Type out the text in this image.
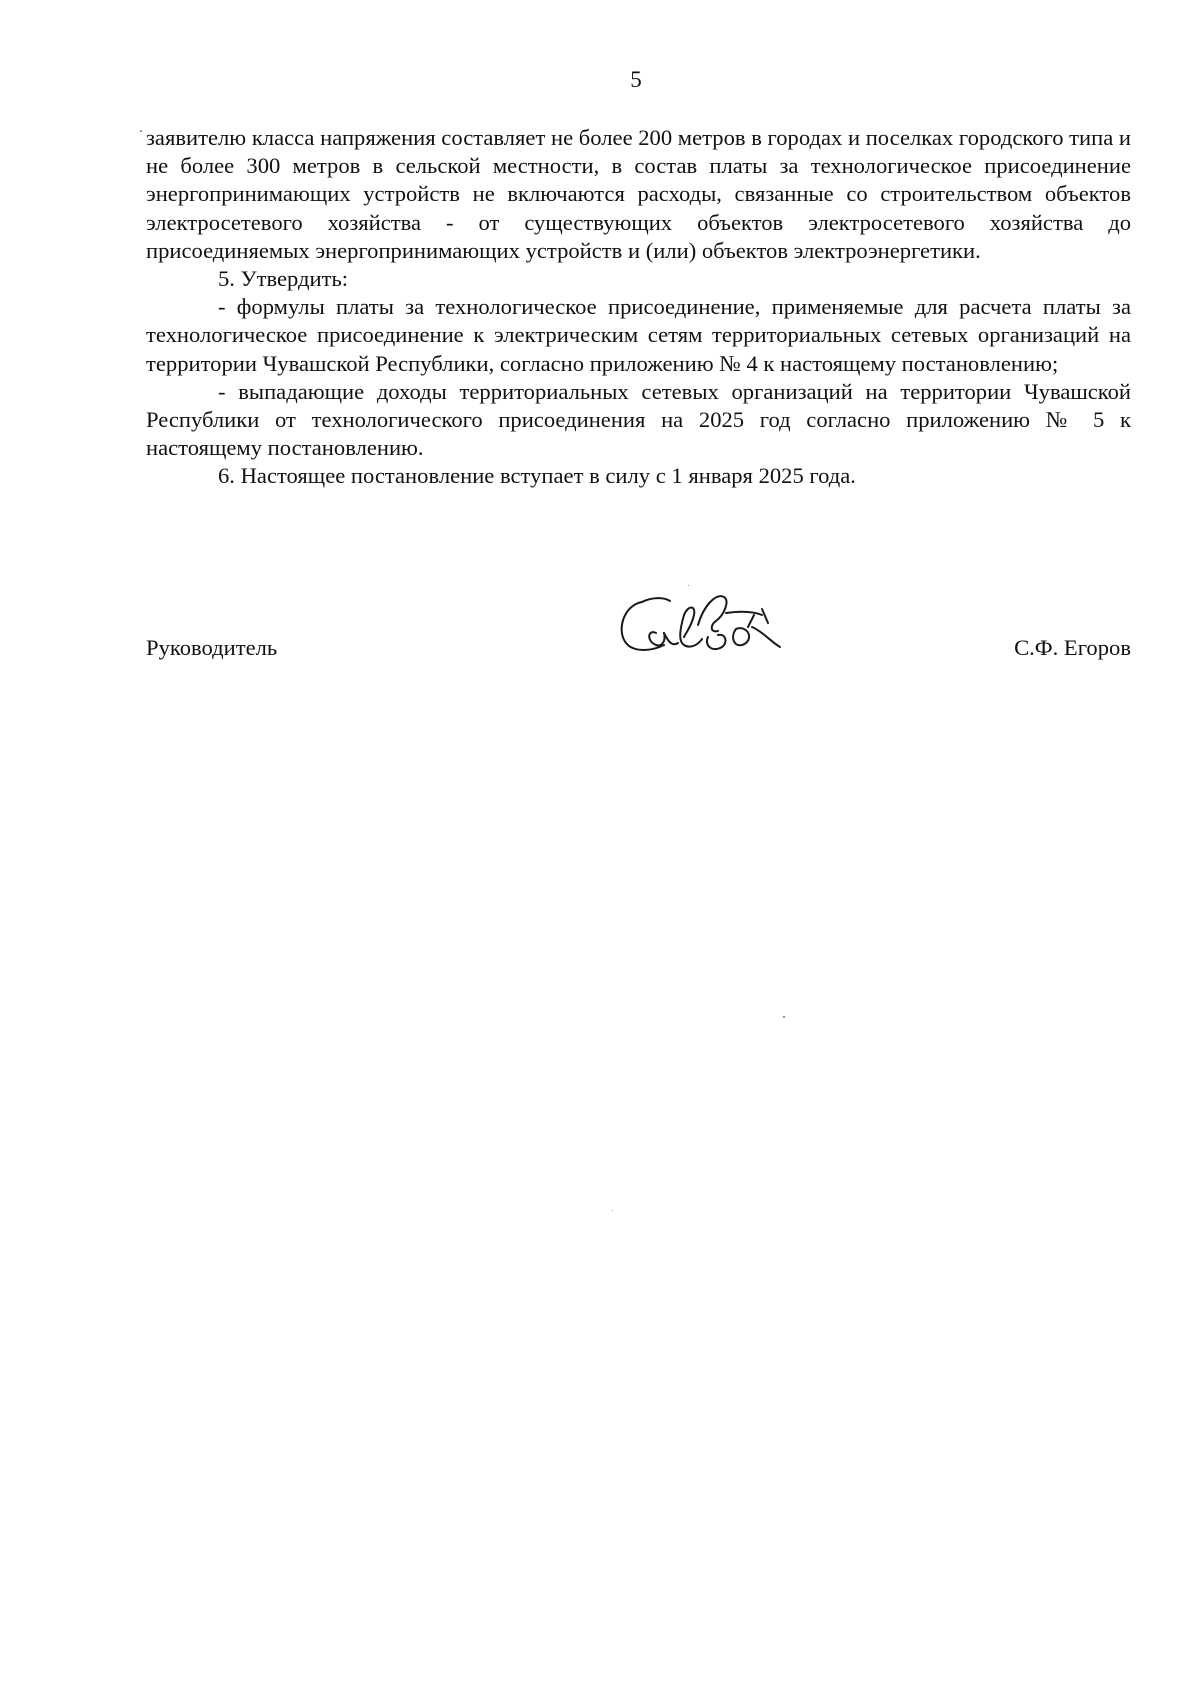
5

заявителю класса напряжения составляет не более 200 метров в городах и поселках городского типа и не более 300 метров в сельской местности, в состав платы за технологическое присоединение энергопринимающих устройств не включаются расходы, связанные со строительством объектов электросетевого хозяйства - от существующих объектов электросетевого хозяйства до присоединяемых энергопринимающих устройств и (или) объектов электроэнергетики.

5. Утвердить:

- формулы платы за технологическое присоединение, применяемые для расчета платы за технологическое присоединение к электрическим сетям территориальных сетевых организаций на территории Чувашской Республики, согласно приложению № 4 к настоящему постановлению;

- выпадающие доходы территориальных сетевых организаций на территории Чувашской Республики от технологического присоединения на 2025 год согласно приложению № 5 к настоящему постановлению.

6. Настоящее постановление вступает в силу с 1 января 2025 года.

Руководитель	С.Ф. Егоров
